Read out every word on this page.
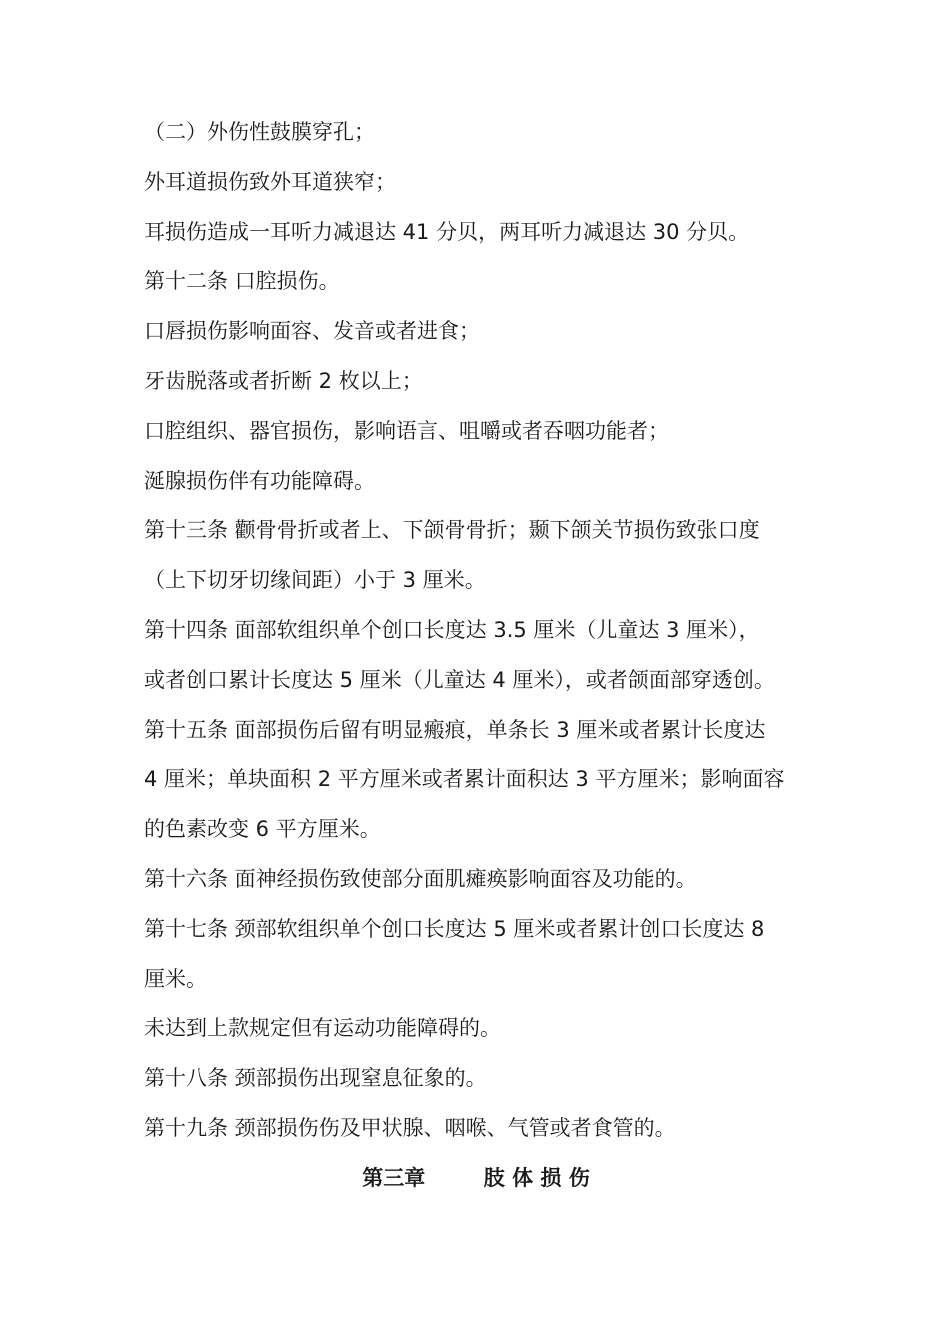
（二）外伤性鼓膜穿孔；
外耳道损伤致外耳道狭窄；
耳损伤造成一耳听力减退达 41 分贝，两耳听力减退达 30 分贝。
第十二条 口腔损伤。
口唇损伤影响面容、发音或者进食；
牙齿脱落或者折断 2 枚以上；
口腔组织、器官损伤，影响语言、咀嚼或者吞咽功能者；
涎腺损伤伴有功能障碍。
第十三条 颧骨骨折或者上、下颌骨骨折；颞下颌关节损伤致张口度
（上下切牙切缘间距）小于 3 厘米。
第十四条 面部软组织单个创口长度达 3.5 厘米（儿童达 3 厘米），
或者创口累计长度达 5 厘米（儿童达 4 厘米），或者颌面部穿透创。
第十五条 面部损伤后留有明显瘢痕，单条长 3 厘米或者累计长度达
4 厘米；单块面积 2 平方厘米或者累计面积达 3 平方厘米；影响面容
的色素改变 6 平方厘米。
第十六条 面神经损伤致使部分面肌瘫痪影响面容及功能的。
第十七条 颈部软组织单个创口长度达 5 厘米或者累计创口长度达 8
厘米。
未达到上款规定但有运动功能障碍的。
第十八条 颈部损伤出现窒息征象的。
第十九条 颈部损伤伤及甲状腺、咽喉、气管或者食管的。
第三章        肢 体 损 伤
